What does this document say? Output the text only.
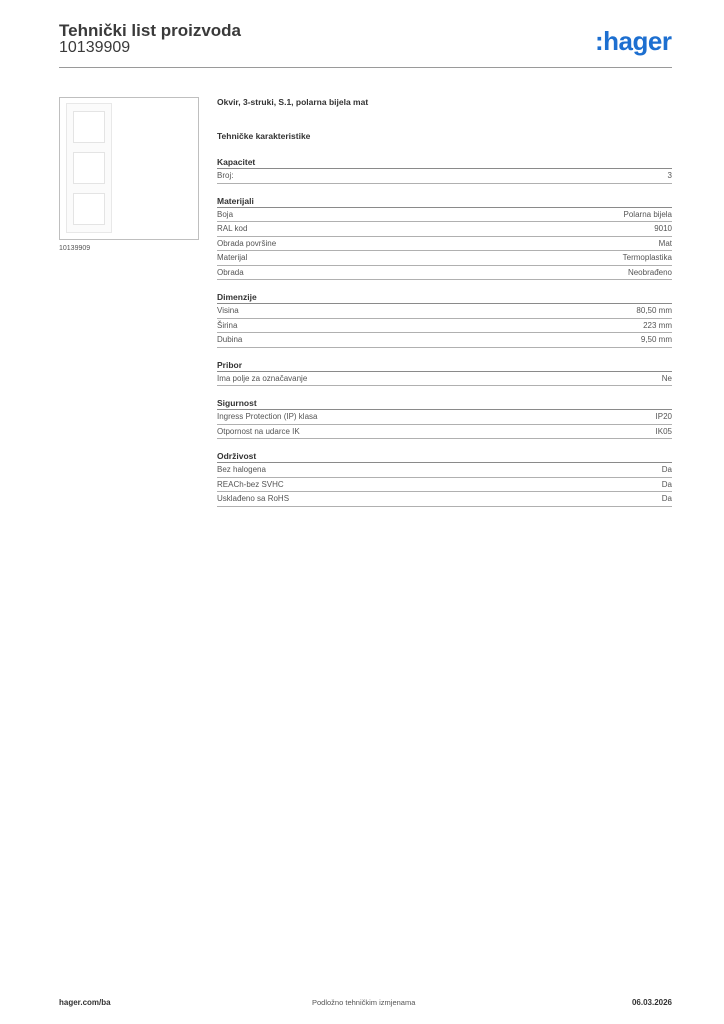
Tehnički list proizvoda
10139909	:hager
10139909
Okvir, 3-struki, S.1, polarna bijela mat
Tehničke karakteristike
Kapacitet
Broj:	3
Materijali
Boja	Polarna bijela
RAL kod	9010
Obrada površine	Mat
Materijal	Termoplastika
Obrada	Neobrađeno
Dimenzije
Visina	80,50 mm
Širina	223 mm
Dubina	9,50 mm
Pribor
Ima polje za označavanje	Ne
Sigurnost
Ingress Protection (IP) klasa	IP20
Otpornost na udarce IK	IK05
Održivost
Bez halogena	Da
REACh-bez SVHC	Da
Usklađeno sa RoHS	Da
hager.com/ba	Podložno tehničkim izmjenama	06.03.2026
